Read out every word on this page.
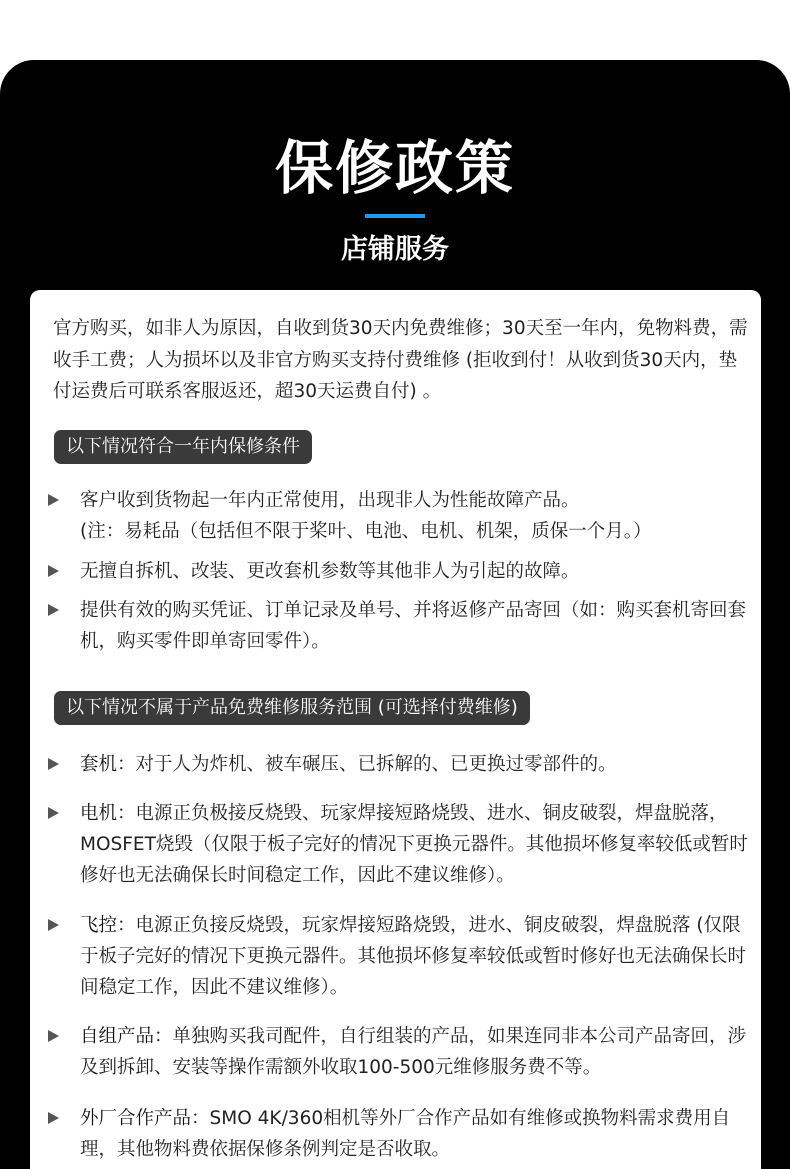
保修政策
店铺服务
官方购买，如非人为原因，自收到货30天内免费维修；30天至一年内，免物料费，需收手工费；人为损坏以及非官方购买支持付费维修 (拒收到付！从收到货30天内，垫付运费后可联系客服返还，超30天运费自付) 。
以下情况符合一年内保修条件
客户收到货物起一年内正常使用，出现非人为性能故障产品。
(注：易耗品（包括但不限于桨叶、电池、电机、机架，质保一个月。）
无擅自拆机、改装、更改套机参数等其他非人为引起的故障。
提供有效的购买凭证、订单记录及单号、并将返修产品寄回（如：购买套机寄回套机，购买零件即单寄回零件）。
以下情况不属于产品免费维修服务范围 (可选择付费维修)
套机：对于人为炸机、被车碾压、已拆解的、已更换过零部件的。
电机：电源正负极接反烧毁、玩家焊接短路烧毁、进水、铜皮破裂，焊盘脱落，MOSFET烧毁（仅限于板子完好的情况下更换元器件。其他损坏修复率较低或暂时修好也无法确保长时间稳定工作，因此不建议维修）。
飞控：电源正负接反烧毁，玩家焊接短路烧毁，进水、铜皮破裂，焊盘脱落 (仅限于板子完好的情况下更换元器件。其他损坏修复率较低或暂时修好也无法确保长时间稳定工作，因此不建议维修）。
自组产品：单独购买我司配件，自行组装的产品，如果连同非本公司产品寄回，涉及到拆卸、安装等操作需额外收取100-500元维修服务费不等。
外厂合作产品：SMO 4K/360相机等外厂合作产品如有维修或换物料需求费用自理，其他物料费依据保修条例判定是否收取。
